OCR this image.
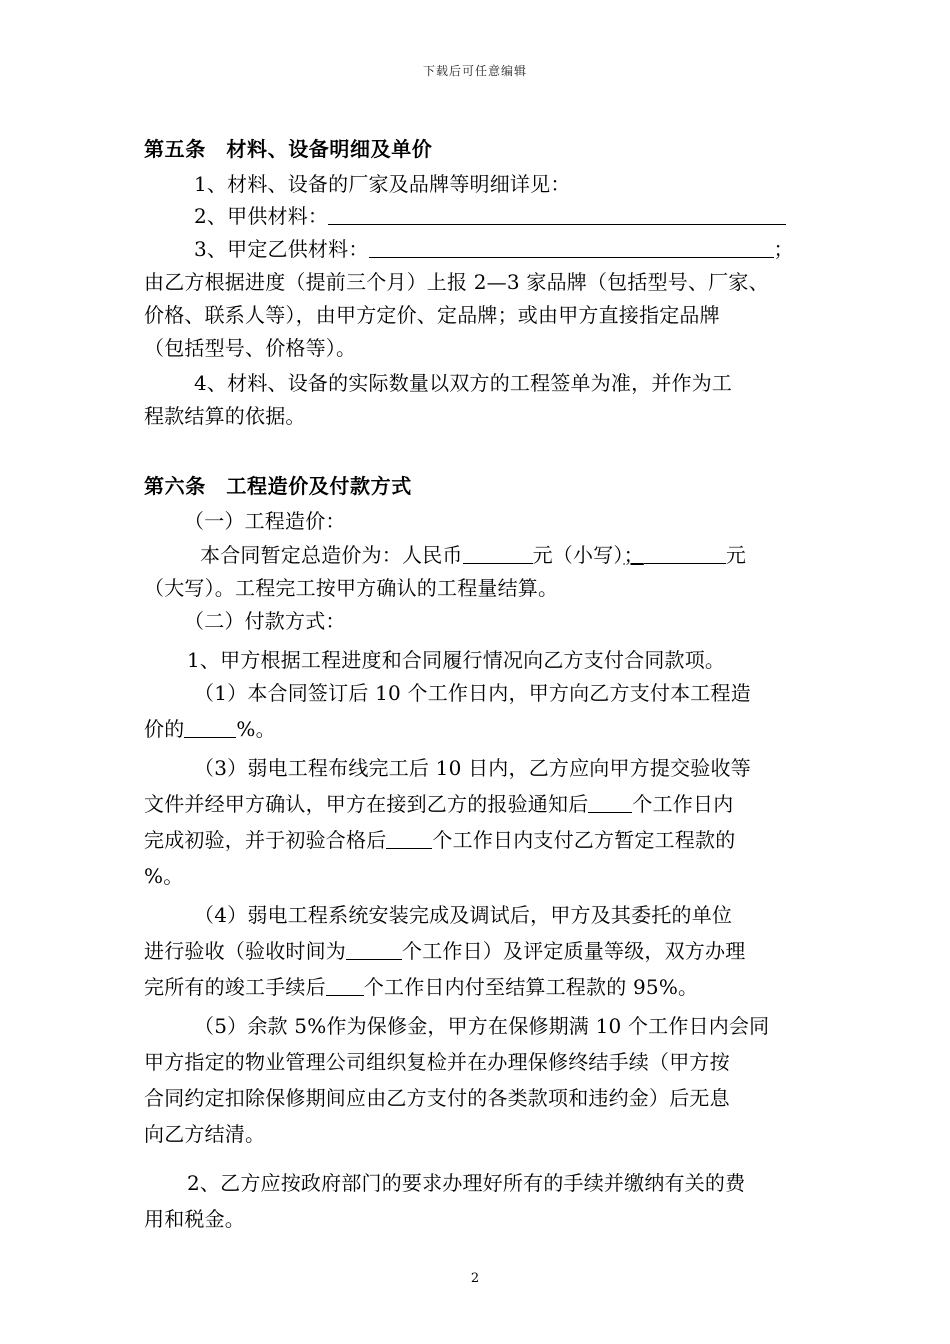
下载后可任意编辑
第五条　材料、设备明细及单价
1、材料、设备的厂家及品牌等明细详见：
2、甲供材料：
3、甲定乙供材料：	；
由乙方根据进度（提前三个月）上报 2—3 家品牌（包括型号、厂家、
价格、联系人等），由甲方定价、定品牌；或由甲方直接指定品牌
（包括型号、价格等）。
4、材料、设备的实际数量以双方的工程签单为准，并作为工
程款结算的依据。
第六条　工程造价及付款方式
（一）工程造价：
本合同暂定总造价为：人民币	元（小写）；	元
（大写）。工程完工按甲方确认的工程量结算。
（二）付款方式：
1、甲方根据工程进度和合同履行情况向乙方支付合同款项。
（1）本合同签订后 10 个工作日内，甲方向乙方支付本工程造
价的	%。
（3）弱电工程布线完工后 10 日内，乙方应向甲方提交验收等
文件并经甲方确认，甲方在接到乙方的报验通知后 个工作日内
完成初验，并于初验合格后 个工作日内支付乙方暂定工程款的
%。
（4）弱电工程系统安装完成及调试后，甲方及其委托的单位
进行验收（验收时间为	个工作日）及评定质量等级，双方办理
完所有的竣工手续后 个工作日内付至结算工程款的 95%。
（5）余款 5%作为保修金，甲方在保修期满 10 个工作日内会同
甲方指定的物业管理公司组织复检并在办理保修终结手续（甲方按
合同约定扣除保修期间应由乙方支付的各类款项和违约金）后无息
向乙方结清。
2、乙方应按政府部门的要求办理好所有的手续并缴纳有关的费
用和税金。
2
